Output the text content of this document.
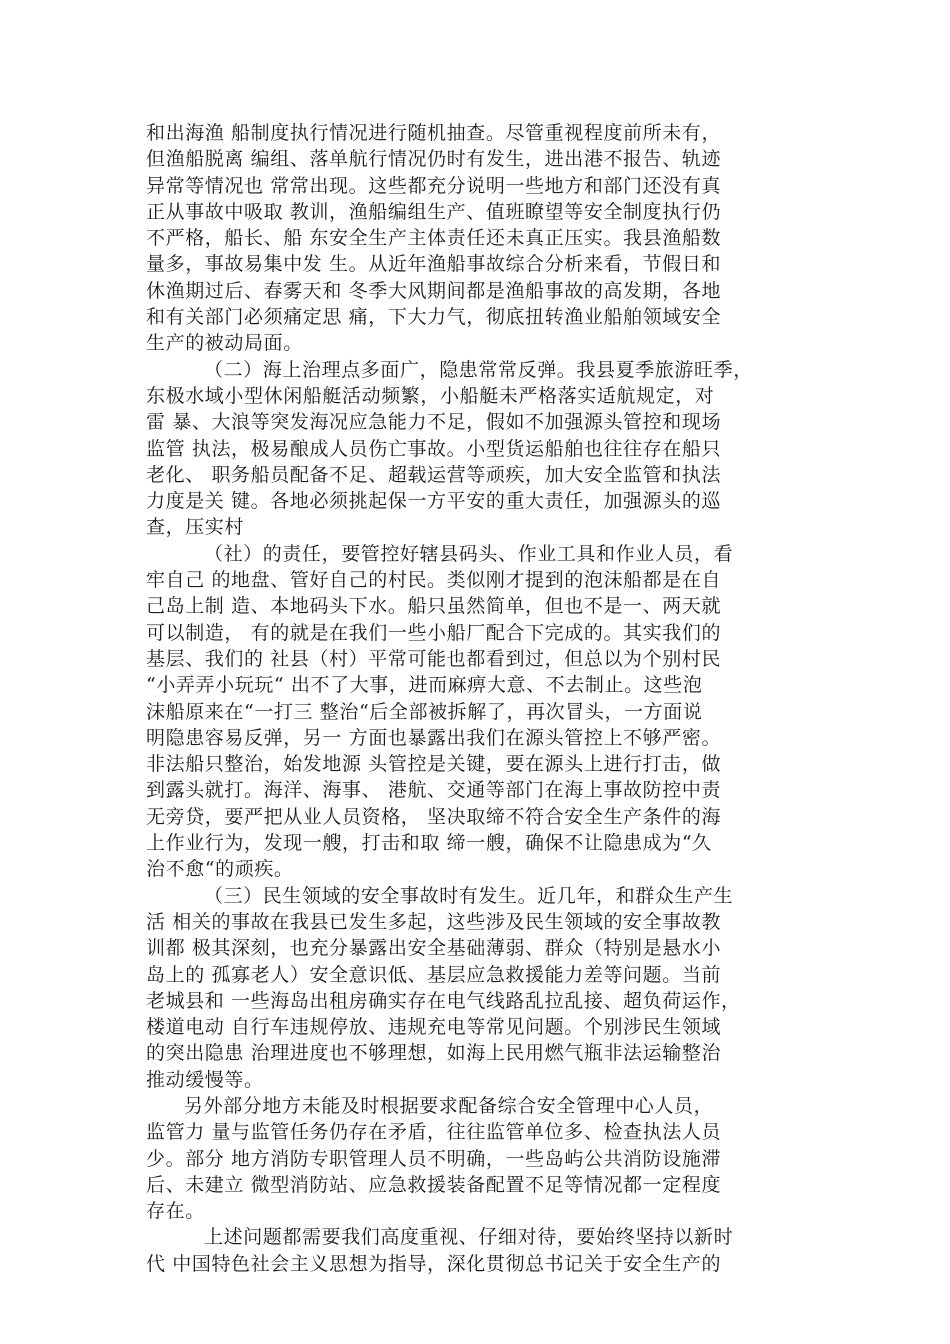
和出海渔 船制度执行情况进行随机抽查。尽管重视程度前所未有，
但渔船脱离 编组、落单航行情况仍时有发生，进出港不报告、轨迹
异常等情况也 常常出现。这些都充分说明一些地方和部门还没有真
正从事故中吸取 教训，渔船编组生产、值班瞭望等安全制度执行仍
不严格，船长、船 东安全生产主体责任还未真正压实。我县渔船数
量多，事故易集中发 生。从近年渔船事故综合分析来看，节假日和
休渔期过后、春雾天和 冬季大风期间都是渔船事故的高发期，各地
和有关部门必须痛定思 痛，下大力气，彻底扭转渔业船舶领域安全
生产的被动局面。
（二）海上治理点多面广，隐患常常反弹。我县夏季旅游旺季，
东极水域小型休闲船艇活动频繁，小船艇未严格落实适航规定，对
雷 暴、大浪等突发海况应急能力不足，假如不加强源头管控和现场
监管 执法，极易酿成人员伤亡事故。小型货运船舶也往往存在船只
老化、 职务船员配备不足、超载运营等顽疾，加大安全监管和执法
力度是关 键。各地必须挑起保一方平安的重大责任，加强源头的巡
查，压实村
（社）的责任，要管控好辖县码头、作业工具和作业人员，看
牢自己 的地盘、管好自己的村民。类似刚才提到的泡沫船都是在自
己岛上制 造、本地码头下水。船只虽然简单，但也不是一、两天就
可以制造， 有的就是在我们一些小船厂配合下完成的。其实我们的
基层、我们的 社县（村）平常可能也都看到过，但总以为个别村民
“小弄弄小玩玩“ 出不了大事，进而麻痹大意、不去制止。这些泡
沫船原来在“一打三 整治“后全部被拆解了，再次冒头，一方面说
明隐患容易反弹，另一 方面也暴露出我们在源头管控上不够严密。
非法船只整治，始发地源 头管控是关键，要在源头上进行打击，做
到露头就打。海洋、海事、 港航、交通等部门在海上事故防控中责
无旁贷，要严把从业人员资格， 坚决取缔不符合安全生产条件的海
上作业行为，发现一艘，打击和取 缔一艘，确保不让隐患成为“久
治不愈“的顽疾。
（三）民生领域的安全事故时有发生。近几年，和群众生产生
活 相关的事故在我县已发生多起，这些涉及民生领域的安全事故教
训都 极其深刻，也充分暴露出安全基础薄弱、群众（特别是悬水小
岛上的 孤寡老人）安全意识低、基层应急救援能力差等问题。当前
老城县和 一些海岛出租房确实存在电气线路乱拉乱接、超负荷运作，
楼道电动 自行车违规停放、违规充电等常见问题。个别涉民生领域
的突出隐患 治理进度也不够理想，如海上民用燃气瓶非法运输整治
推动缓慢等。
另外部分地方未能及时根据要求配备综合安全管理中心人员，
监管力 量与监管任务仍存在矛盾，往往监管单位多、检查执法人员
少。部分 地方消防专职管理人员不明确，一些岛屿公共消防设施滞
后、未建立 微型消防站、应急救援装备配置不足等情况都一定程度
存在。
上述问题都需要我们高度重视、仔细对待，要始终坚持以新时
代 中国特色社会主义思想为指导，深化贯彻总书记关于安全生产的
